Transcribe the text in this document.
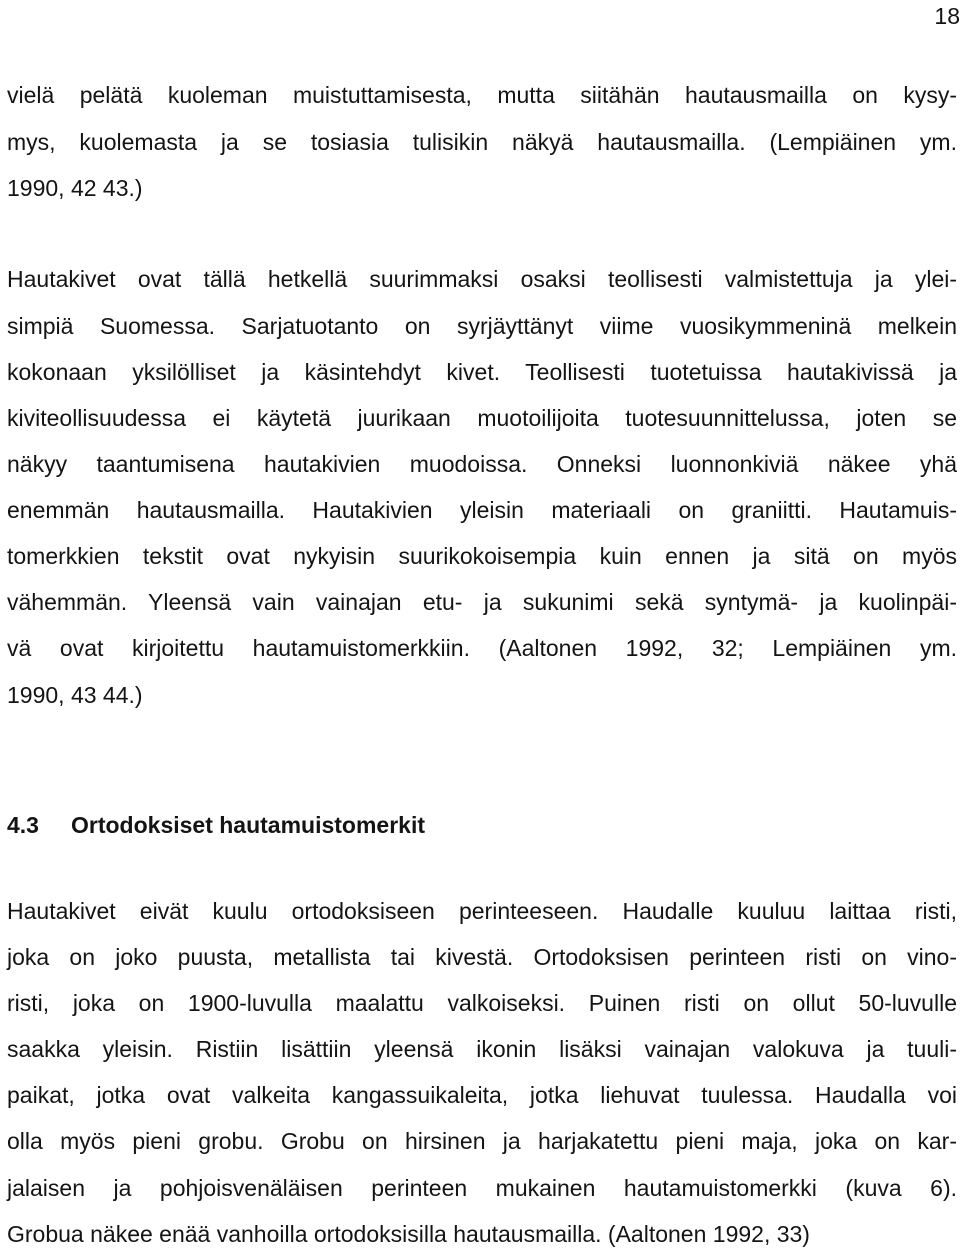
18
vielä pelätä kuoleman muistuttamisesta, mutta siitähän hautausmailla on kysy-
mys, kuolemasta ja se tosiasia tulisikin näkyä hautausmailla. (Lempiäinen ym.
1990, 42 43.)
Hautakivet ovat tällä hetkellä suurimmaksi osaksi teollisesti valmistettuja ja ylei-
simpiä Suomessa. Sarjatuotanto on syrjäyttänyt viime vuosikymmeninä melkein
kokonaan yksilölliset ja käsintehdyt kivet. Teollisesti tuotetuissa hautakivissä ja
kiviteollisuudessa ei käytetä juurikaan muotoilijoita tuotesuunnittelussa, joten se
näkyy taantumisena hautakivien muodoissa. Onneksi luonnonkiviä näkee yhä
enemmän hautausmailla. Hautakivien yleisin materiaali on graniitti. Hautamuis-
tomerkkien tekstit ovat nykyisin suurikokoisempia kuin ennen ja sitä on myös
vähemmän. Yleensä vain vainajan etu- ja sukunimi sekä syntymä- ja kuolinpäi-
vä ovat kirjoitettu hautamuistomerkkiin. (Aaltonen 1992, 32; Lempiäinen ym.
1990, 43 44.)
4.3 Ortodoksiset hautamuistomerkit
Hautakivet eivät kuulu ortodoksiseen perinteeseen. Haudalle kuuluu laittaa risti,
joka on joko puusta, metallista tai kivestä. Ortodoksisen perinteen risti on vino-
risti, joka on 1900-luvulla maalattu valkoiseksi. Puinen risti on ollut 50-luvulle
saakka yleisin. Ristiin lisättiin yleensä ikonin lisäksi vainajan valokuva ja tuuli-
paikat, jotka ovat valkeita kangassuikaleita, jotka liehuvat tuulessa. Haudalla voi
olla myös pieni grobu. Grobu on hirsinen ja harjakatettu pieni maja, joka on kar-
jalaisen ja pohjoisvenäläisen perinteen mukainen hautamuistomerkki (kuva 6).
Grobua näkee enää vanhoilla ortodoksisilla hautausmailla. (Aaltonen 1992, 33)
